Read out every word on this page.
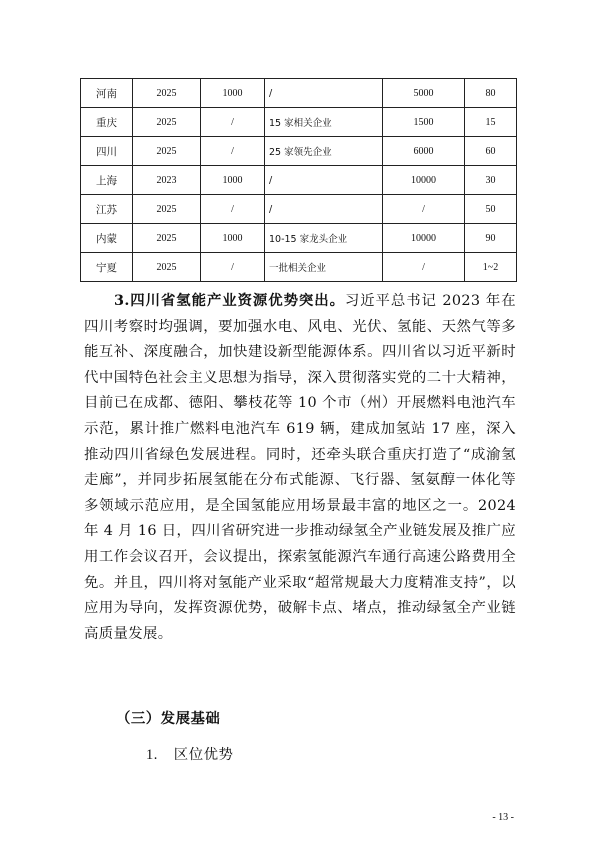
河南	2025	1000	/	5000	80
重庆	2025	/	15 家相关企业	1500	15
四川	2025	/	25 家领先企业	6000	60
上海	2023	1000	/	10000	30
江苏	2025	/	/	/	50
内蒙	2025	1000	10-15 家龙头企业	10000	90
宁夏	2025	/	一批相关企业	/	1~2
3.四川省氢能产业资源优势突出。习近平总书记 2023 年在四川考察时均强调，要加强水电、风电、光伏、氢能、天然气等多能互补、深度融合，加快建设新型能源体系。四川省以习近平新时代中国特色社会主义思想为指导，深入贯彻落实党的二十大精神，目前已在成都、德阳、攀枝花等 10 个市（州）开展燃料电池汽车示范，累计推广燃料电池汽车 619 辆，建成加氢站 17 座，深入推动四川省绿色发展进程。同时，还牵头联合重庆打造了“成渝氢走廊”，并同步拓展氢能在分布式能源、飞行器、氢氨醇一体化等多领域示范应用，是全国氢能应用场景最丰富的地区之一。2024 年 4 月 16 日，四川省研究进一步推动绿氢全产业链发展及推广应用工作会议召开，会议提出，探索氢能源汽车通行高速公路费用全免。并且，四川将对氢能产业采取“超常规最大力度精准支持”，以应用为导向，发挥资源优势，破解卡点、堵点，推动绿氢全产业链高质量发展。
（三）发展基础
1. 区位优势
- 13 -
